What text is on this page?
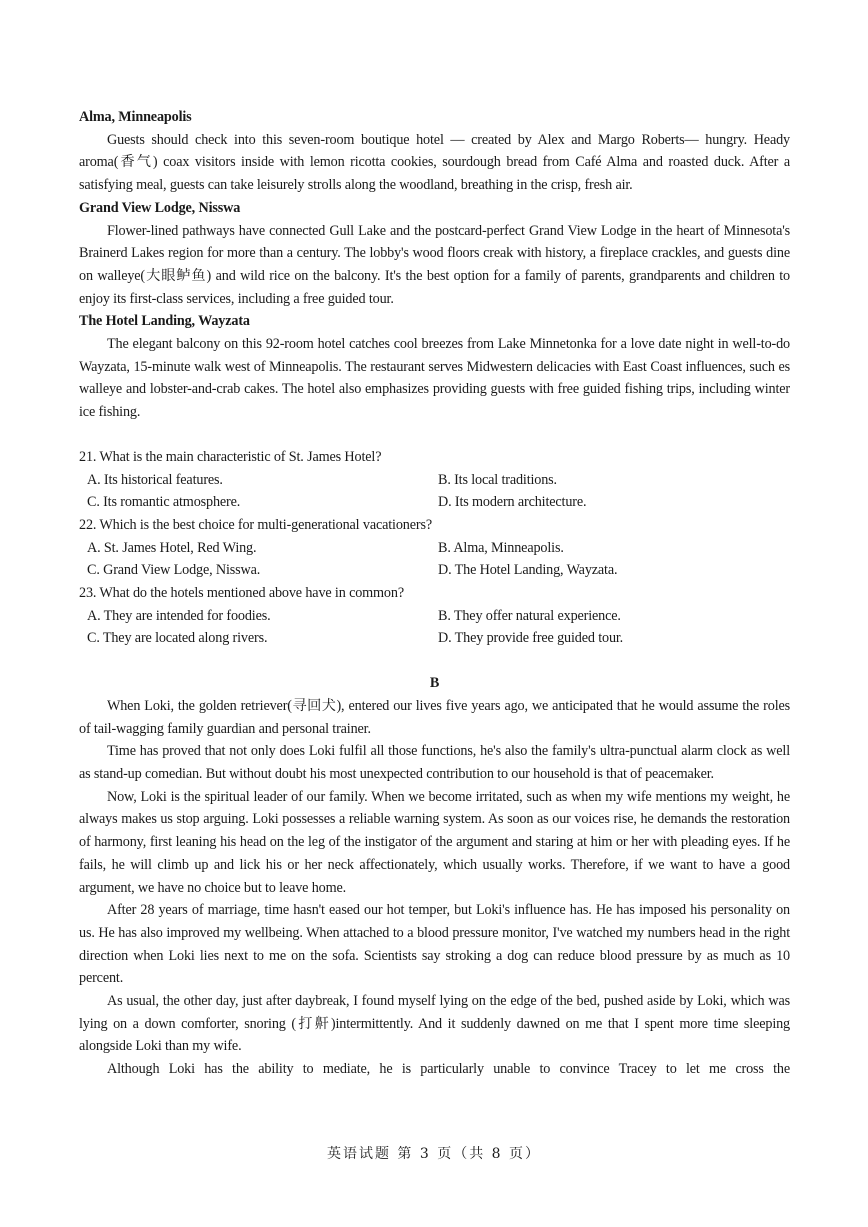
Alma, Minneapolis

Guests should check into this seven-room boutique hotel — created by Alex and Margo Roberts— hungry. Heady aroma(香气) coax visitors inside with lemon ricotta cookies, sourdough bread from Café Alma and roasted duck. After a satisfying meal, guests can take leisurely strolls along the woodland, breathing in the crisp, fresh air.

Grand View Lodge, Nisswa

Flower-lined pathways have connected Gull Lake and the postcard-perfect Grand View Lodge in the heart of Minnesota's Brainerd Lakes region for more than a century. The lobby's wood floors creak with history, a fireplace crackles, and guests dine on walleye(大眼鲈鱼) and wild rice on the balcony. It's the best option for a family of parents, grandparents and children to enjoy its first-class services, including a free guided tour.

The Hotel Landing, Wayzata

The elegant balcony on this 92-room hotel catches cool breezes from Lake Minnetonka for a love date night in well-to-do Wayzata, 15-minute walk west of Minneapolis. The restaurant serves Midwestern delicacies with East Coast influences, such es walleye and lobster-and-crab cakes. The hotel also emphasizes providing guests with free guided fishing trips, including winter ice fishing.

21. What is the main characteristic of St. James Hotel?

A. Its historical features.	B. Its local traditions.

C. Its romantic atmosphere.	D. Its modern architecture.

22. Which is the best choice for multi-generational vacationers?

A. St. James Hotel, Red Wing.	B. Alma, Minneapolis.

C. Grand View Lodge, Nisswa.	D. The Hotel Landing, Wayzata.

23. What do the hotels mentioned above have in common?

A. They are intended for foodies.	B. They offer natural experience.

C. They are located along rivers.	D. They provide free guided tour.

B

When Loki, the golden retriever(寻回犬), entered our lives five years ago, we anticipated that he would assume the roles of tail-wagging family guardian and personal trainer.

Time has proved that not only does Loki fulfil all those functions, he's also the family's ultra-punctual alarm clock as well as stand-up comedian. But without doubt his most unexpected contribution to our household is that of peacemaker.

Now, Loki is the spiritual leader of our family. When we become irritated, such as when my wife mentions my weight, he always makes us stop arguing. Loki possesses a reliable warning system. As soon as our voices rise, he demands the restoration of harmony, first leaning his head on the leg of the instigator of the argument and staring at him or her with pleading eyes. If he fails, he will climb up and lick his or her neck affectionately, which usually works. Therefore, if we want to have a good argument, we have no choice but to leave home.

After 28 years of marriage, time hasn't eased our hot temper, but Loki's influence has. He has imposed his personality on us. He has also improved my wellbeing. When attached to a blood pressure monitor, I've watched my numbers head in the right direction when Loki lies next to me on the sofa. Scientists say stroking a dog can reduce blood pressure by as much as 10 percent.

As usual, the other day, just after daybreak, I found myself lying on the edge of the bed, pushed aside by Loki, which was lying on a down comforter, snoring (打鼾)intermittently. And it suddenly dawned on me that I spent more time sleeping alongside Loki than my wife.

Although Loki has the ability to mediate, he is particularly unable to convince Tracey to let me cross the

英语试题 第 3 页（共 8 页）
